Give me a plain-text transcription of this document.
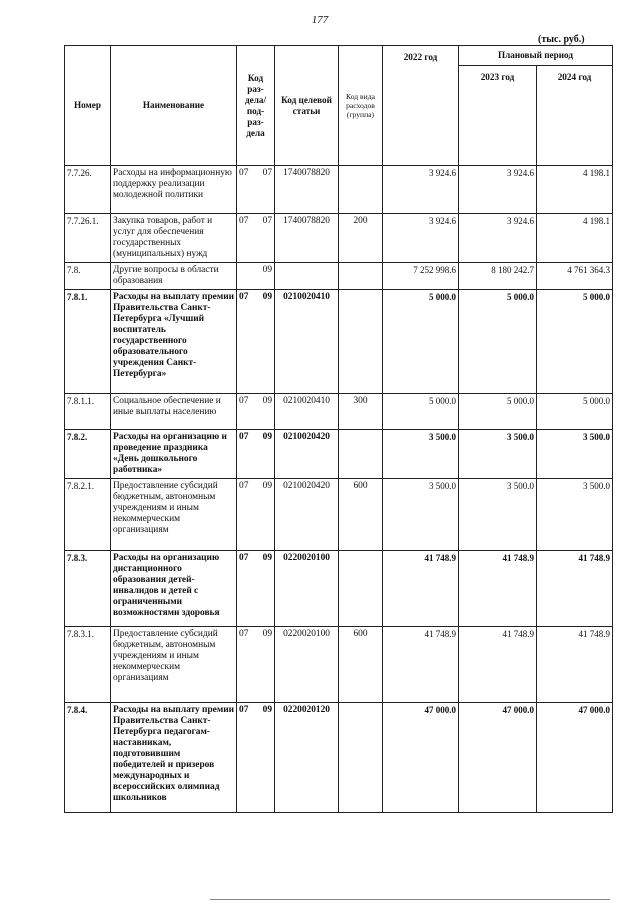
177
(тыс. руб.)
Номер	Наименование	Код раз- дела/ под- раз- дела	Код целевой статьи	Код вида расходов (группа)	2022 год	Плановый период	
						2023 год	2024 год
7.7.26.	Расходы на информационную поддержку реализации молодежной политики	07 07	1740078820		3 924.6	3 924.6	4 198.1
7.7.26.1.	Закупка товаров, работ и услуг для обеспечения государственных (муниципальных) нужд	07 07	1740078820	200	3 924.6	3 924.6	4 198.1
7.8.	Другие вопросы в области образования	09			7 252 998.6	8 180 242.7	4 761 364.3
7.8.1.	Расходы на выплату премии Правительства Санкт-Петербурга «Лучший воспитатель государственного образовательного учреждения Санкт-Петербурга»	07 09	0210020410		5 000.0	5 000.0	5 000.0
7.8.1.1.	Социальное обеспечение и иные выплаты населению	07 09	0210020410	300	5 000.0	5 000.0	5 000.0
7.8.2.	Расходы на организацию и проведение праздника «День дошкольного работника»	07 09	0210020420		3 500.0	3 500.0	3 500.0
7.8.2.1.	Предоставление субсидий бюджетным, автономным учреждениям и иным некоммерческим организациям	07 09	0210020420	600	3 500.0	3 500.0	3 500.0
7.8.3.	Расходы на организацию дистанционного образования детей-инвалидов и детей с ограниченными возможностями здоровья	07 09	0220020100		41 748.9	41 748.9	41 748.9
7.8.3.1.	Предоставление субсидий бюджетным, автономным учреждениям и иным некоммерческим организациям	07 09	0220020100	600	41 748.9	41 748.9	41 748.9
7.8.4.	Расходы на выплату премии Правительства Санкт-Петербурга педагогам-наставникам, подготовившим победителей и призеров международных и всероссийских олимпиад школьников	07 09	0220020120		47 000.0	47 000.0	47 000.0
